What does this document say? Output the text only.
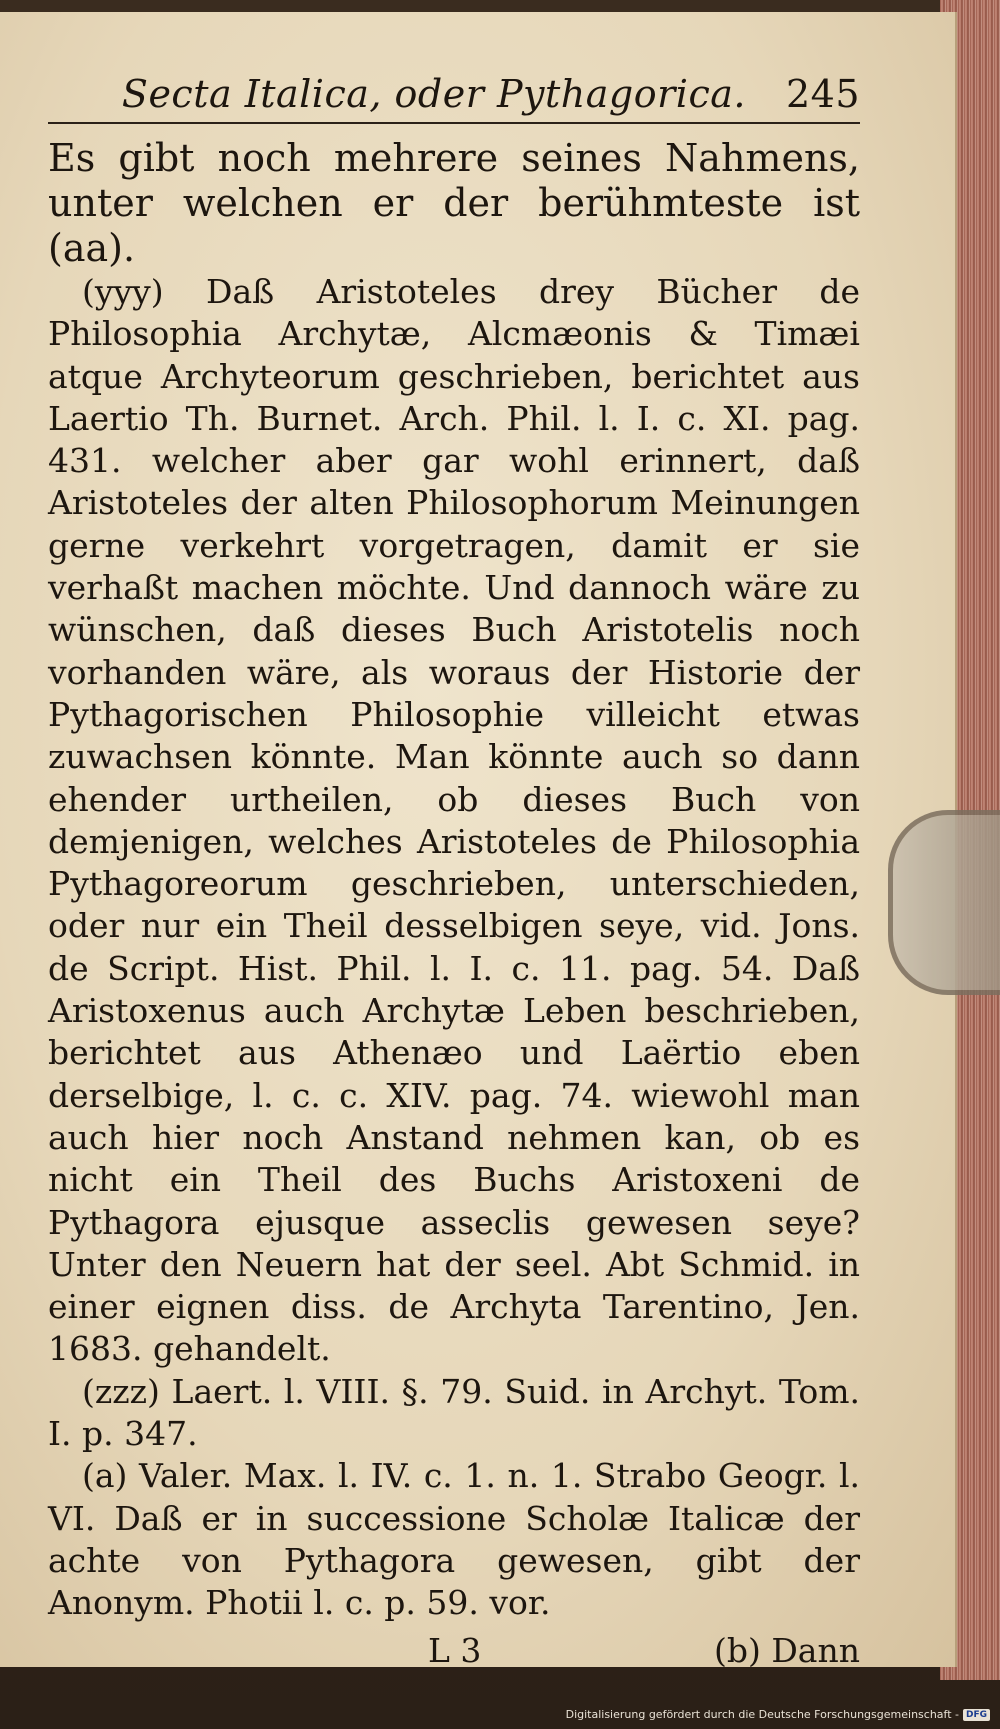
Secta Italica, oder Pythagorica. 245

Es gibt noch mehrere seines Nahmens, unter welchen er der berühmteste ist (aa).

(yyy) Daß Aristoteles drey Bücher de Philosophia Archytæ, Alcmæonis & Timæi atque Archyteorum geschrieben, berichtet aus Laertio Th. Burnet. Arch. Phil. l. I. c. XI. pag. 431. welcher aber gar wohl erinnert, daß Aristoteles der alten Philosophorum Meinungen gerne verkehrt vorgetragen, damit er sie verhaßt machen möchte. Und dannoch wäre zu wünschen, daß dieses Buch Aristotelis noch vorhanden wäre, als woraus der Historie der Pythagorischen Philosophie villeicht etwas zuwachsen könnte. Man könnte auch so dann ehender urtheilen, ob dieses Buch von demjenigen, welches Aristoteles de Philosophia Pythagoreorum geschrieben, unterschieden, oder nur ein Theil desselbigen seye, vid. Jons. de Script. Hist. Phil. l. I. c. 11. pag. 54. Daß Aristoxenus auch Archytæ Leben beschrieben, berichtet aus Athenæo und Laërtio eben derselbige, l. c. c. XIV. pag. 74. wiewohl man auch hier noch Anstand nehmen kan, ob es nicht ein Theil des Buchs Aristoxeni de Pythagora ejusque asseclis gewesen seye? Unter den Neuern hat der seel. Abt Schmid. in einer eignen diss. de Archyta Tarentino, Jen. 1683. gehandelt.

(zzz) Laert. l. VIII. §. 79. Suid. in Archyt. Tom. I. p. 347.

(a) Valer. Max. l. IV. c. 1. n. 1. Strabo Geogr. l. VI. Daß er in successione Scholæ Italicæ der achte von Pythagora gewesen, gibt der Anonym. Photii l. c. p. 59. vor.

L 3	(b) Dann
Digitalisierung gefördert durch die Deutsche Forschungsgemeinschaft - DFG
